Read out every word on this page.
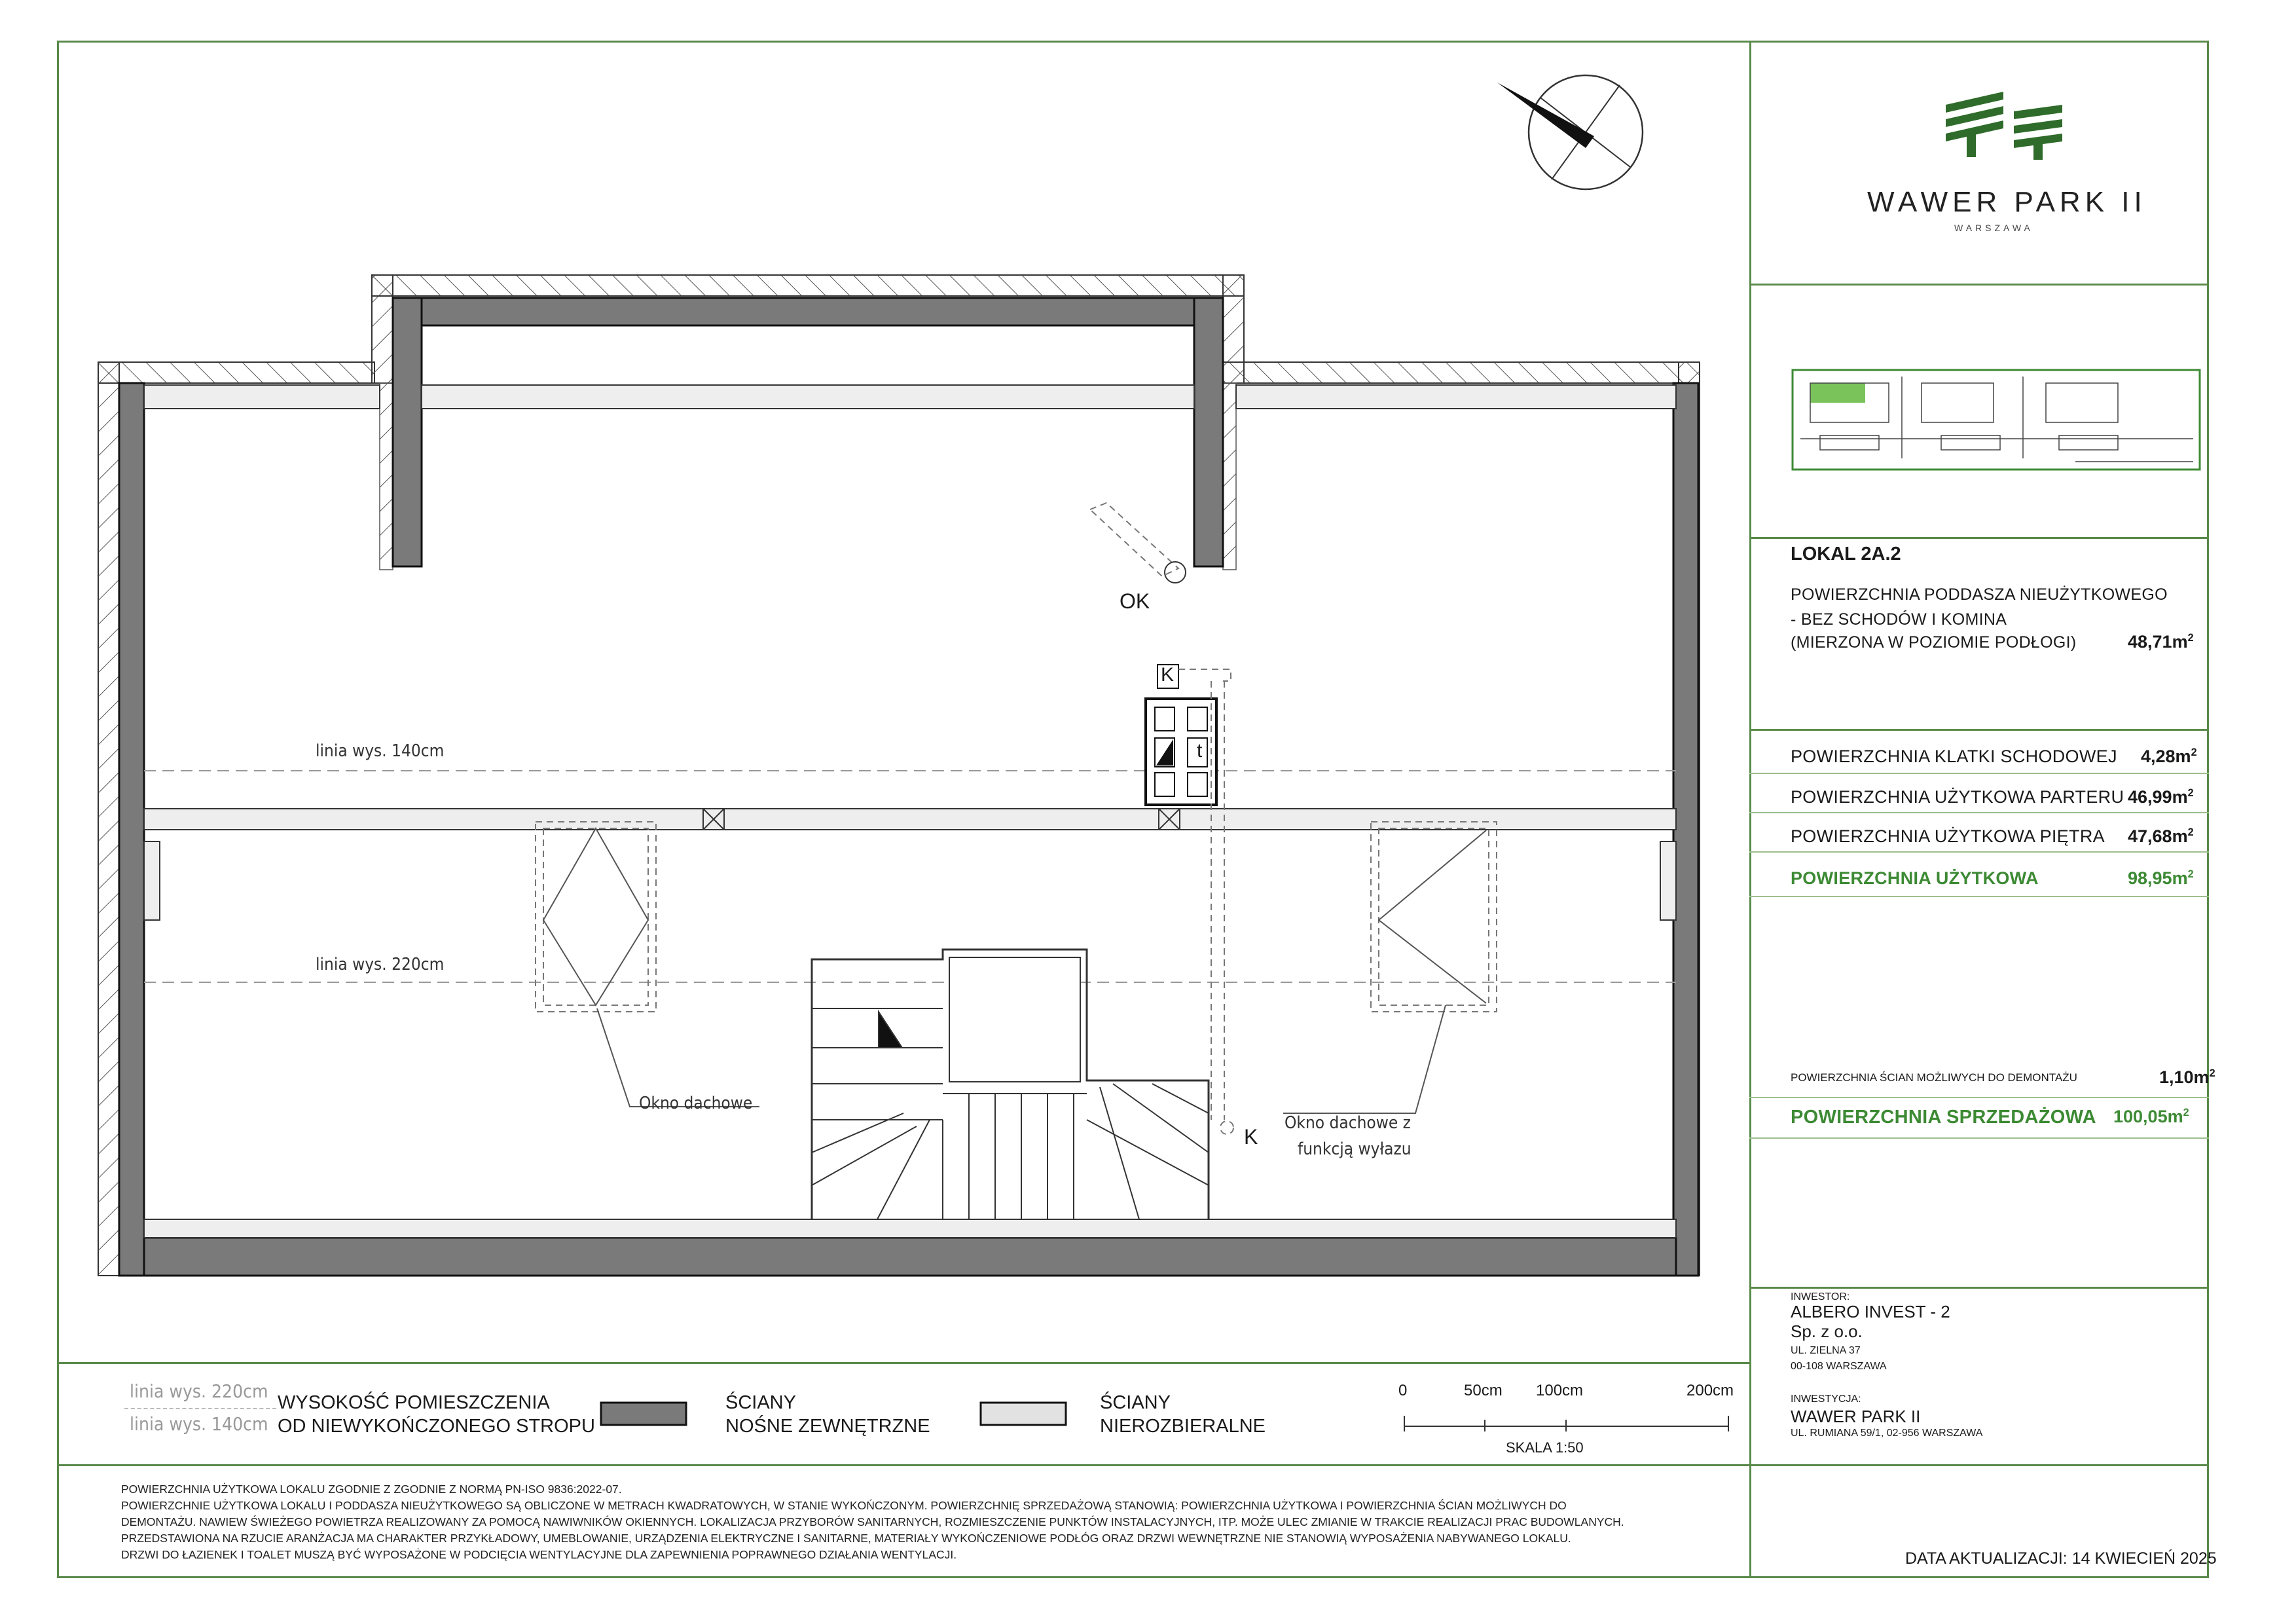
WAWER PARK II
WARSZAWA
OK
K
t
K
linia wys. 140cm
linia wys. 220cm
Okno dachowe
Okno dachowe z
funkcją wyłazu
LOKAL 2A.2
POWIERZCHNIA PODDASZA NIEUŻYTKOWEGO
- BEZ SCHODÓW I KOMINA
(MIERZONA W POZIOMIE PODŁOGI)	$48,71m^2$
POWIERZCHNIA KLATKI SCHODOWEJ $4,28m^2$
POWIERZCHNIA UŻYTKOWA PARTERU $46,99m^2$
POWIERZCHNIA UŻYTKOWA PIĘTRA $47,68m^2$
POWIERZCHNIA UŻYTKOWA	$98,95m^2$
POWIERZCHNIA ŚCIAN MOŻLIWYCH DO DEMONTAŻU	$1,10m^2$
POWIERZCHNIA SPRZEDAŻOWA $100,05m^2$
INWESTOR:
ALBERO INVEST - 2
Sp. z o.o.
UL. ZIELNA 37
00-108 WARSZAWA
INWESTYCJA:
WAWER PARK II
UL. RUMIANA 59/1, 02-956 WARSZAWA
linia wys. 220cm
linia wys. 140cm
WYSOKOŚĆ POMIESZCZENIA
OD NIEWYKOŃCZONEGO STROPU
ŚCIANY
NOŚNE ZEWNĘTRZNE
ŚCIANY
NIEROZBIERALNE
0	50cm 100cm	200cm
SKALA 1:50
POWIERZCHNIA UŻYTKOWA LOKALU ZGODNIE Z ZGODNIE Z NORMĄ PN-ISO 9836:2022-07.
POWIERZCHNIE UŻYTKOWA LOKALU I PODDASZA NIEUŻYTKOWEGO SĄ OBLICZONE W METRACH KWADRATOWYCH, W STANIE WYKOŃCZONYM. POWIERZCHNIĘ SPRZEDAŻOWĄ STANOWIĄ: POWIERZCHNIA UŻYTKOWA I POWIERZCHNIA ŚCIAN MOŻLIWYCH DO
DEMONTAŻU. NAWIEW ŚWIEŻEGO POWIETRZA REALIZOWANY ZA POMOCĄ NAWIWNIKÓW OKIENNYCH. LOKALIZACJA PRZYBORÓW SANITARNYCH, ROZMIESZCZENIE PUNKTÓW INSTALACYJNYCH, ITP. MOŻE ULEC ZMIANIE W TRAKCIE REALIZACJI PRAC BUDOWLANYCH.
PRZEDSTAWIONA NA RZUCIE ARANŻACJA MA CHARAKTER PRZYKŁADOWY, UMEBLOWANIE, URZĄDZENIA ELEKTRYCZNE I SANITARNE, MATERIAŁY WYKOŃCZENIOWE PODŁÓG ORAZ DRZWI WEWNĘTRZNE NIE STANOWIĄ WYPOSAŻENIA NABYWANEGO LOKALU.
DRZWI DO ŁAZIENEK I TOALET MUSZĄ BYĆ WYPOSAŻONE W PODCIĘCIA WENTYLACYJNE DLA ZAPEWNIENIA POPRAWNEGO DZIAŁANIA WENTYLACJI.	DATA AKTUALIZACJI: 14 KWIECIEŃ 2025
